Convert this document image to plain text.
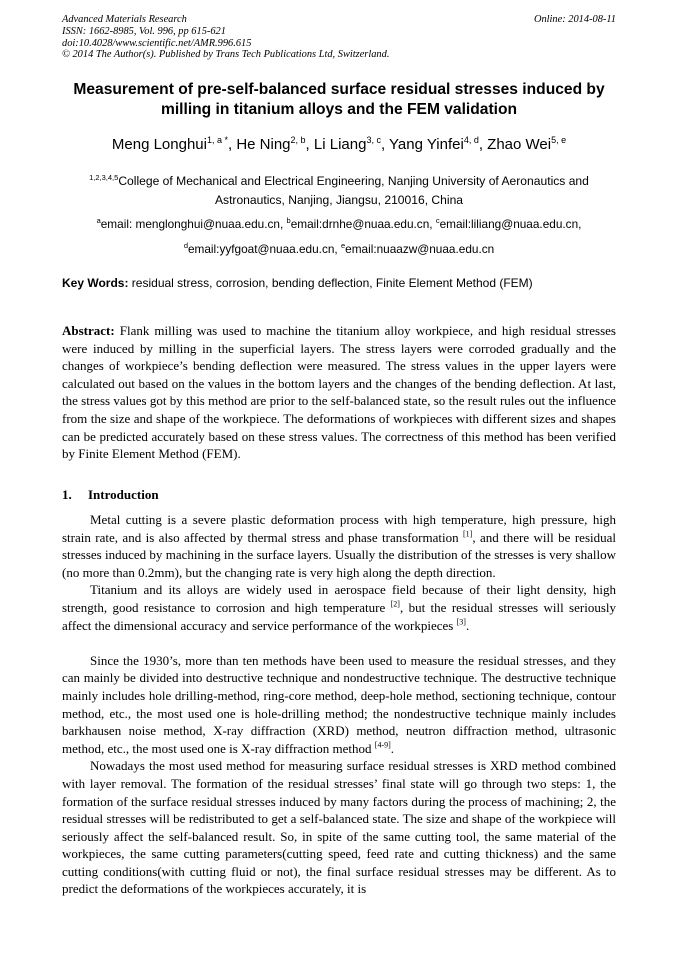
Advanced Materials Research
ISSN: 1662-8985, Vol. 996, pp 615-621
doi:10.4028/www.scientific.net/AMR.996.615
© 2014 The Author(s). Published by Trans Tech Publications Ltd, Switzerland.
Online: 2014-08-11
Measurement of pre-self-balanced surface residual stresses induced by milling in titanium alloys and the FEM validation
Meng Longhui$^{1, a *}$, He Ning$^{2, b}$, Li Liang$^{3, c}$, Yang Yinfei$^{4, d}$, Zhao Wei$^{5, e}$
$^{1,2,3,4,5}$College of Mechanical and Electrical Engineering, Nanjing University of Aeronautics and Astronautics, Nanjing, Jiangsu, 210016, China
$^a$email: menglonghui@nuaa.edu.cn, $^b$email:drnhe@nuaa.edu.cn, $^c$email:liliang@nuaa.edu.cn,
$^d$email:yyfgoat@nuaa.edu.cn, $^e$email:nuaazw@nuaa.edu.cn
Key Words: residual stress, corrosion, bending deflection, Finite Element Method (FEM)
Abstract: Flank milling was used to machine the titanium alloy workpiece, and high residual stresses were induced by milling in the superficial layers. The stress layers were corroded gradually and the changes of workpiece’s bending deflection were measured. The stress values in the upper layers were calculated out based on the values in the bottom layers and the changes of the bending deflection. At last, the stress values got by this method are prior to the self-balanced state, so the result rules out the influence from the size and shape of the workpiece. The deformations of workpieces with different sizes and shapes can be predicted accurately based on these stress values. The correctness of this method has been verified by Finite Element Method (FEM).
1. Introduction

Metal cutting is a severe plastic deformation process with high temperature, high pressure, high strain rate, and is also affected by thermal stress and phase transformation [1], and there will be residual stresses induced by machining in the surface layers. Usually the distribution of the stresses is very shallow (no more than 0.2mm), but the changing rate is very high along the depth direction.

Titanium and its alloys are widely used in aerospace field because of their light density, high strength, good resistance to corrosion and high temperature [2], but the residual stresses will seriously affect the dimensional accuracy and service performance of the workpieces [3].

Since the 1930’s, more than ten methods have been used to measure the residual stresses, and they can mainly be divided into destructive technique and nondestructive technique. The destructive technique mainly includes hole drilling-method, ring-core method, deep-hole method, sectioning technique, contour method, etc., the most used one is hole-drilling method; the nondestructive technique mainly includes barkhausen noise method, X-ray diffraction (XRD) method, neutron diffraction method, ultrasonic method, etc., the most used one is X-ray diffraction method [4-9].

Nowadays the most used method for measuring surface residual stresses is XRD method combined with layer removal. The formation of the residual stresses’ final state will go through two steps: 1, the formation of the surface residual stresses induced by many factors during the process of machining; 2, the residual stresses will be redistributed to get a self-balanced state. The size and shape of the workpiece will seriously affect the self-balanced result. So, in spite of the same cutting tool, the same material of the workpieces, the same cutting parameters(cutting speed, feed rate and cutting thickness) and the same cutting conditions(with cutting fluid or not), the final surface residual stresses may be different. As to predict the deformations of the workpieces accurately, it is
